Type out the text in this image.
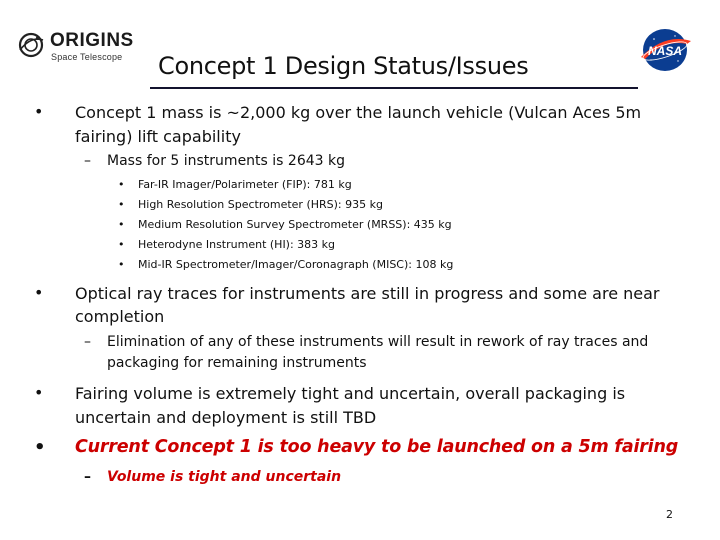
ORIGINS
Space Telescope Concept 1 Design Status/Issues
NASA
• Concept 1 mass is ~2,000 kg over the launch vehicle (Vulcan Aces 5m
fairing) lift capability
– Mass for 5 instruments is 2643 kg
• Far-IR Imager/Polarimeter (FIP): 781 kg
• High Resolution Spectrometer (HRS): 935 kg
• Medium Resolution Survey Spectrometer (MRSS): 435 kg
• Heterodyne Instrument (HI): 383 kg
• Mid-IR Spectrometer/Imager/Coronagraph (MISC): 108 kg
• Optical ray traces for instruments are still in progress and some are near
completion
– Elimination of any of these instruments will result in rework of ray traces and
packaging for remaining instruments
• Fairing volume is extremely tight and uncertain, overall packaging is
uncertain and deployment is still TBD
• Current Concept 1 is too heavy to be launched on a 5m fairing
– Volume is tight and uncertain
2
